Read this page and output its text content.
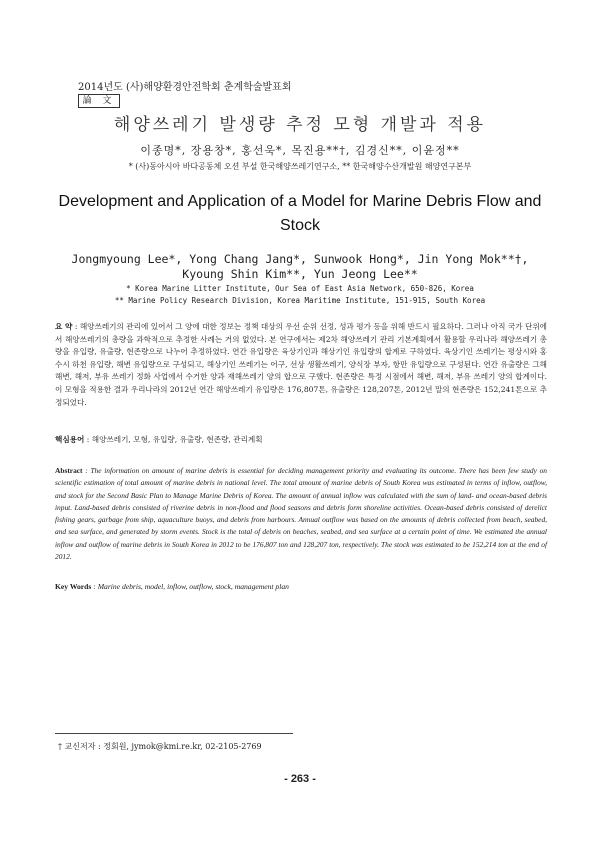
2014년도 (사)해양환경안전학회 춘계학술발표회
論 文
해양쓰레기 발생량 추정 모형 개발과 적용
이종명*, 장용창*, 홍선욱*, 목진용**†, 김경신**, 이윤정**
* (사)동아시아 바다공동체 오션 부설 한국해양쓰레기연구소, ** 한국해양수산개발원 해양연구본부
Development and Application of a Model for Marine Debris Flow and Stock
Jongmyoung Lee*, Yong Chang Jang*, Sunwook Hong*, Jin Yong Mok**†,
Kyoung Shin Kim**, Yun Jeong Lee**
* Korea Marine Litter Institute, Our Sea of East Asia Network, 650-826, Korea
** Marine Policy Research Division, Korea Maritime Institute, 151-915, South Korea
요 약 : 해양쓰레기의 관리에 있어서 그 양에 대한 정보는 정책 대상의 우선 순위 선정, 성과 평가 등을 위해 반드시 필요하다. 그러나 아직 국가 단위에서 해양쓰레기의 총량을 과학적으로 추정한 사례는 거의 없었다. 본 연구에서는 제2차 해양쓰레기 관리 기본계획에서 활용할 우리나라 해양쓰레기 총량을 유입량, 유출량, 현존량으로 나누어 추정하였다. 연간 유입량은 육상기인과 해상기인 유입량의 합계로 구하였다. 육상기인 쓰레기는 평상시와 홍수시 하천 유입량, 해변 유입량으로 구성되고, 해상기인 쓰레기는 어구, 선상 생활쓰레기, 양식장 부자, 항만 유입량으로 구성된다. 연간 유출량은 그해 해변, 해저, 부유 쓰레기 정화 사업에서 수거한 양과 재해쓰레기 양의 합으로 구했다. 현존량은 특정 시점에서 해변, 해저, 부유 쓰레기 양의 합계이다. 이 모형을 적용한 결과 우리나라의 2012년 연간 해양쓰레기 유입량은 176,807톤, 유출량은 128,207톤, 2012년 말의 현존량은 152,241톤으로 추정되었다.
핵심용어 : 해양쓰레기, 모형, 유입량, 유출량, 현존량, 관리계획
Abstract : The information on amount of marine debris is essential for deciding management priority and evaluating its outcome. There has been few study on scientific estimation of total amount of marine debris in national level. The total amount of marine debris of South Korea was estimated in terms of inflow, outflow, and stock for the Second Basic Plan to Manage Marine Debris of Korea. The amount of annual inflow was calculated with the sum of land- and ocean-based debris input. Land-based debris consisted of riverine debris in non-flood and flood seasons and debris form shoreline activities. Ocean-based debris consisted of derelict fishing gears, garbage from ship, aquaculture buoys, and debris from harbours. Annual outflow was based on the amounts of debris collected from beach, seabed, and sea surface, and generated by storm events. Stock is the total of debris on beaches, seabed, and sea surface at a certain point of time. We estimated the annual inflow and outflow of marine debris in South Korea in 2012 to be 176,807 ton and 128,207 ton, respectively. The stock was estimated to be 152,214 ton at the end of 2012.
Key Words : Marine debris, model, inflow, outflow, stock, management plan
† 교신저자 : 정회원, jymok@kmi.re.kr, 02-2105-2769
- 263 -
